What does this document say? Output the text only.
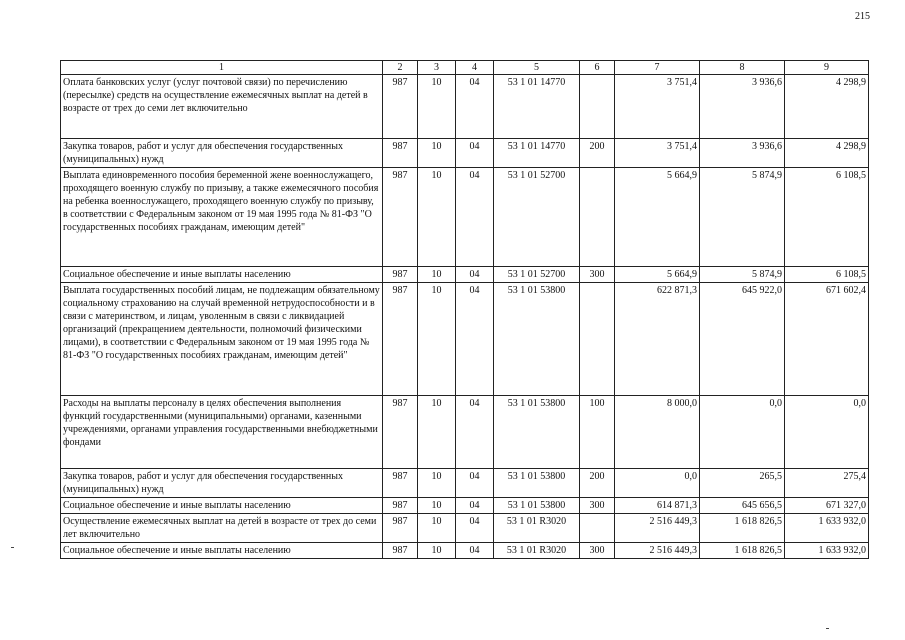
215
1	2	3	4	5	6	7	8	9
Оплата банковских услуг (услуг почтовой связи) по перечислению (пересылке) средств на осуществление ежемесячных выплат на детей в возрасте от трех до семи лет включительно	987	10	04	53 1 01 14770		3 751,4	3 936,6	4 298,9
Закупка товаров, работ и услуг для обеспечения государственных (муниципальных) нужд	987	10	04	53 1 01 14770	200	3 751,4	3 936,6	4 298,9
Выплата единовременного пособия беременной жене военнослужащего, проходящего военную службу по призыву, а также ежемесячного пособия на ребенка военнослужащего, проходящего военную службу по призыву, в соответствии с Федеральным законом от 19 мая 1995 года № 81-ФЗ "О государственных пособиях гражданам, имеющим детей"	987	10	04	53 1 01 52700		5 664,9	5 874,9	6 108,5
Социальное обеспечение и иные выплаты населению	987	10	04	53 1 01 52700	300	5 664,9	5 874,9	6 108,5
Выплата государственных пособий лицам, не подлежащим обязательному социальному страхованию на случай временной нетрудоспособности и в связи с материнством, и лицам, уволенным в связи с ликвидацией организаций (прекращением деятельности, полномочий физическими лицами), в соответствии с Федеральным законом от 19 мая 1995 года № 81-ФЗ "О государственных пособиях гражданам, имеющим детей"	987	10	04	53 1 01 53800		622 871,3	645 922,0	671 602,4
Расходы на выплаты персоналу в целях обеспечения выполнения функций государственными (муниципальными) органами, казенными учреждениями, органами управления государственными внебюджетными фондами	987	10	04	53 1 01 53800	100	8 000,0	0,0	0,0
Закупка товаров, работ и услуг для обеспечения государственных (муниципальных) нужд	987	10	04	53 1 01 53800	200	0,0	265,5	275,4
Социальное обеспечение и иные выплаты населению	987	10	04	53 1 01 53800	300	614 871,3	645 656,5	671 327,0
Осуществление ежемесячных выплат на детей в возрасте от трех до семи лет включительно	987	10	04	53 1 01 R3020		2 516 449,3	1 618 826,5	1 633 932,0
Социальное обеспечение и иные выплаты населению	987	10	04	53 1 01 R3020	300	2 516 449,3	1 618 826,5	1 633 932,0
